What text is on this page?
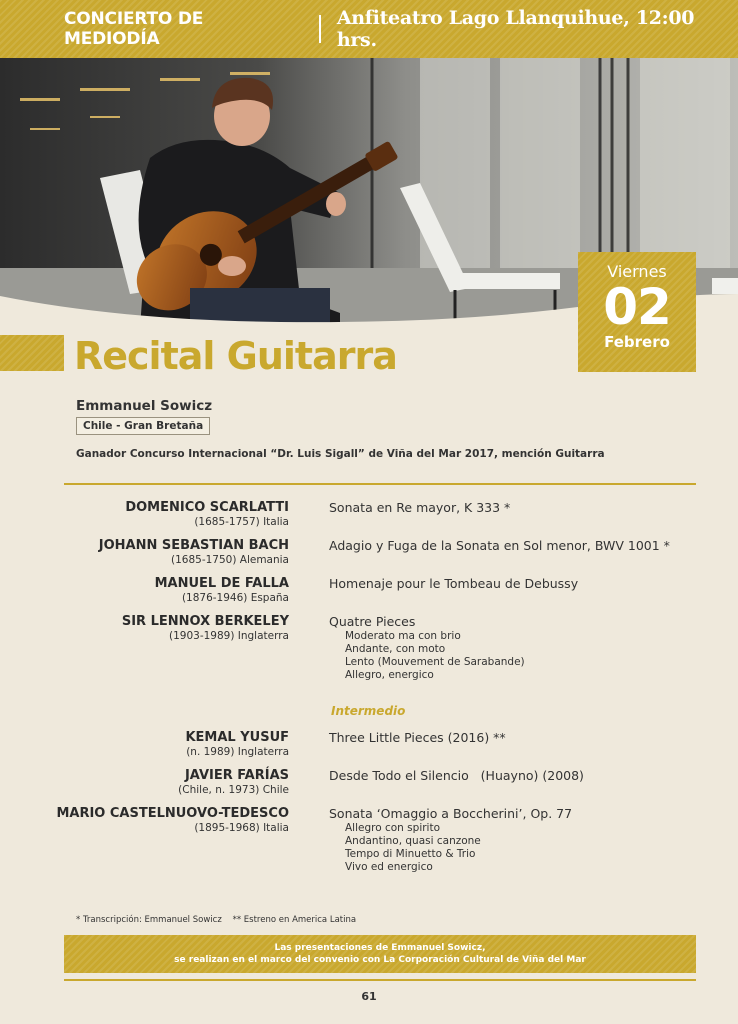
CONCIERTO DE MEDIODÍA
Anfiteatro Lago Llanquihue, 12:00 hrs.
Viernes
02
Febrero
Recital Guitarra
Emmanuel Sowicz
Chile - Gran Bretaña
Ganador Concurso Internacional “Dr. Luis Sigall” de Viña del Mar 2017, mención Guitarra
DOMENICO SCARLATTI
(1685-1757) Italia
Sonata en Re mayor, K 333 *
JOHANN SEBASTIAN BACH
(1685-1750) Alemania
Adagio y Fuga de la Sonata en Sol menor, BWV 1001 *
MANUEL DE FALLA
(1876-1946) España
Homenaje pour le Tombeau de Debussy
SIR LENNOX BERKELEY
(1903-1989) Inglaterra
Quatre Pieces
Moderato ma con brio
Andante, con moto
Lento (Mouvement de Sarabande)
Allegro, energico
Intermedio
KEMAL YUSUF
(n. 1989) Inglaterra
Three Little Pieces (2016) **
JAVIER FARÍAS
(Chile, n. 1973) Chile
Desde Todo el Silencio   (Huayno) (2008)
MARIO CASTELNUOVO-TEDESCO
(1895-1968) Italia
Sonata ‘Omaggio a Boccherini’, Op. 77
Allegro con spirito
Andantino, quasi canzone
Tempo di Minuetto & Trio
Vivo ed energico
* Transcripción: Emmanuel Sowicz    ** Estreno en America Latina
Las presentaciones de Emmanuel Sowicz,
se realizan en el marco del convenio con La Corporación Cultural de Viña del Mar
61
